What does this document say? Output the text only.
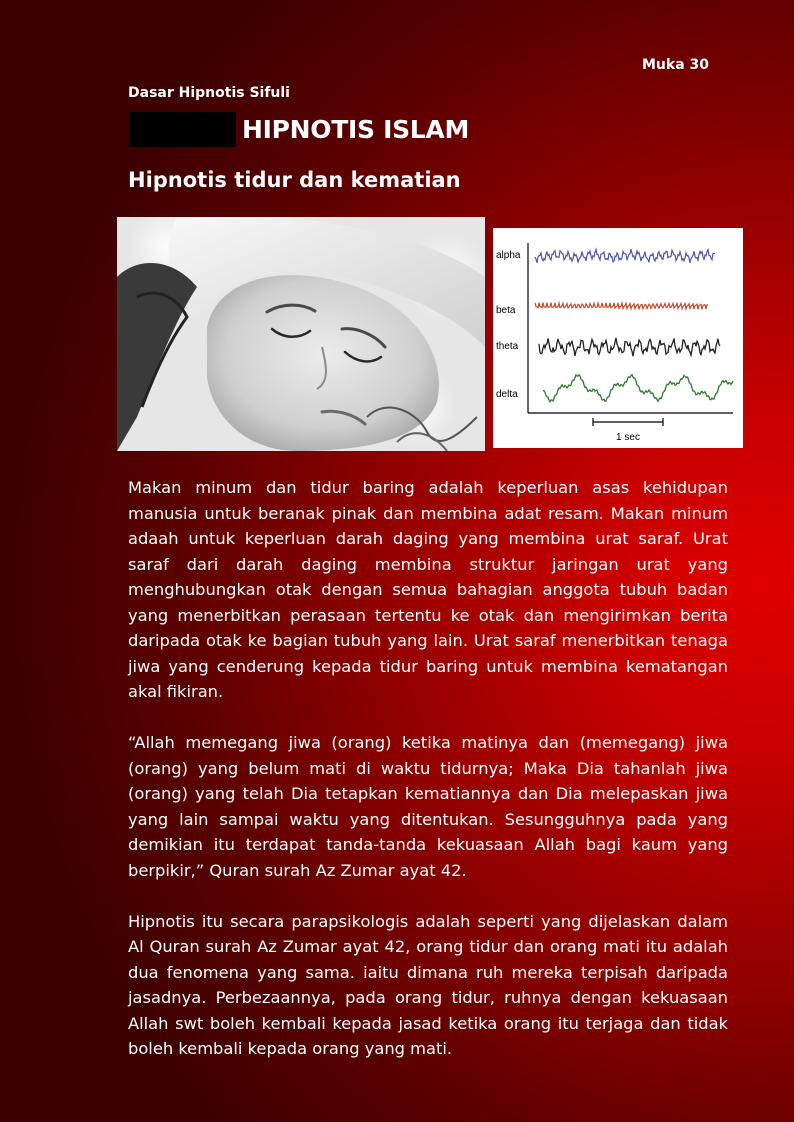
Muka 30
Dasar Hipnotis Sifuli
HIPNOTIS ISLAM
Hipnotis tidur dan kematian
alpha
beta
theta
delta
1 sec

Makan minum dan tidur baring adalah keperluan asas kehidupan manusia untuk beranak pinak dan membina adat resam. Makan minum adaah untuk keperluan darah daging yang membina urat saraf. Urat saraf dari darah daging membina struktur jaringan urat yang menghubungkan otak dengan semua bahagian anggota tubuh badan yang menerbitkan perasaan tertentu ke otak dan mengirimkan berita daripada otak ke bagian tubuh yang lain. Urat saraf menerbitkan tenaga jiwa yang cenderung kepada tidur baring untuk membina kematangan akal fikiran.

“Allah memegang jiwa (orang) ketika matinya dan (memegang) jiwa (orang) yang belum mati di waktu tidurnya; Maka Dia tahanlah jiwa (orang) yang telah Dia tetapkan kematiannya dan Dia melepaskan jiwa yang lain sampai waktu yang ditentukan. Sesungguhnya pada yang demikian itu terdapat tanda-tanda kekuasaan Allah bagi kaum yang berpikir,” Quran surah Az Zumar ayat 42.

Hipnotis itu secara parapsikologis adalah seperti yang dijelaskan dalam Al Quran surah Az Zumar ayat 42, orang tidur dan orang mati itu adalah dua fenomena yang sama. iaitu dimana ruh mereka terpisah daripada jasadnya. Perbezaannya, pada orang tidur, ruhnya dengan kekuasaan Allah swt boleh kembali kepada jasad ketika orang itu terjaga dan tidak boleh kembali kepada orang yang mati.
